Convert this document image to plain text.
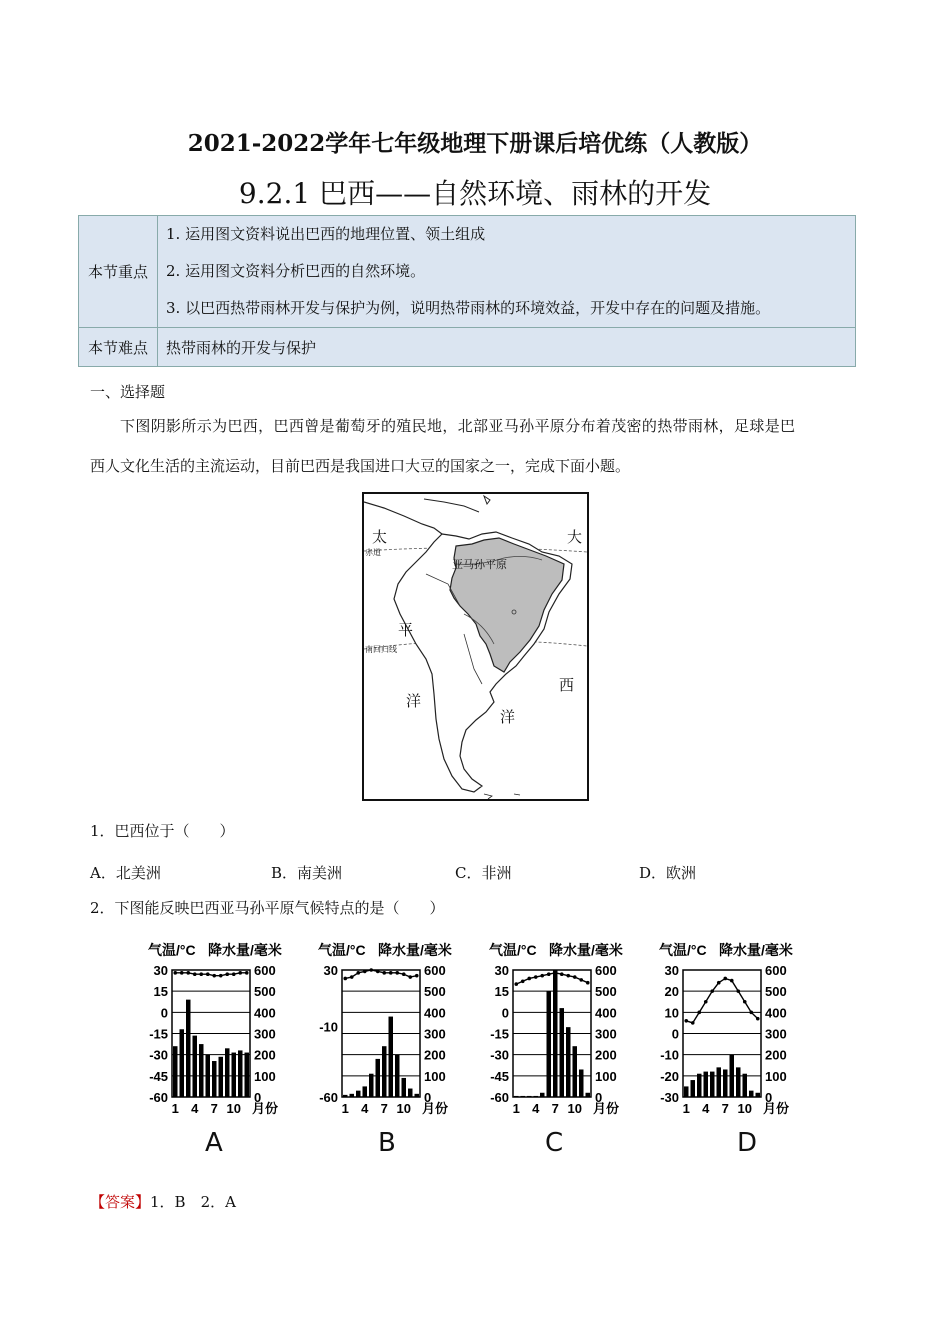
2021-2022学年七年级地理下册课后培优练（人教版）
9.2.1 巴西——自然环境、雨林的开发
本节重点	1. 运用图文资料说出巴西的地理位置、领土组成
2. 运用图文资料分析巴西的自然环境。
3. 以巴西热带雨林开发与保护为例，说明热带雨林的环境效益，开发中存在的问题及措施。

本节难点	热带雨林的开发与保护
一、选择题
下图阴影所示为巴西，巴西曾是葡萄牙的殖民地，北部亚马孙平原分布着茂密的热带雨林，足球是巴
西人文化生活的主流运动，目前巴西是我国进口大豆的国家之一，完成下面小题。
太
平
洋
大
西
洋
赤道
南回归线
亚马孙平原
1．巴西位于（　　）
A．北美洲	B．南美洲	C．非洲	D．欧洲
2．下图能反映巴西亚马孙平原气候特点的是（　　）
气温/°C 降水量/毫米
600
500
400
300
200
100
0
30
15
0
-15
-30
-45
-60
1 4 7 10 月份
气温/°C 降水量/毫米
600
500
400
300
200
100
0
30
-10
-60
1 4 7 10 月份
气温/°C 降水量/毫米
600
500
400
300
200
100
0
30
15
0
-15
-30
-45
-60
1 4 7 10 月份
气温/°C 降水量/毫米
600
500
400
300
200
100
0
30
20
10
0
-10
-20
-30
1 4 7 10 月份
A	B	C	D
【答案】1．B　2．A
